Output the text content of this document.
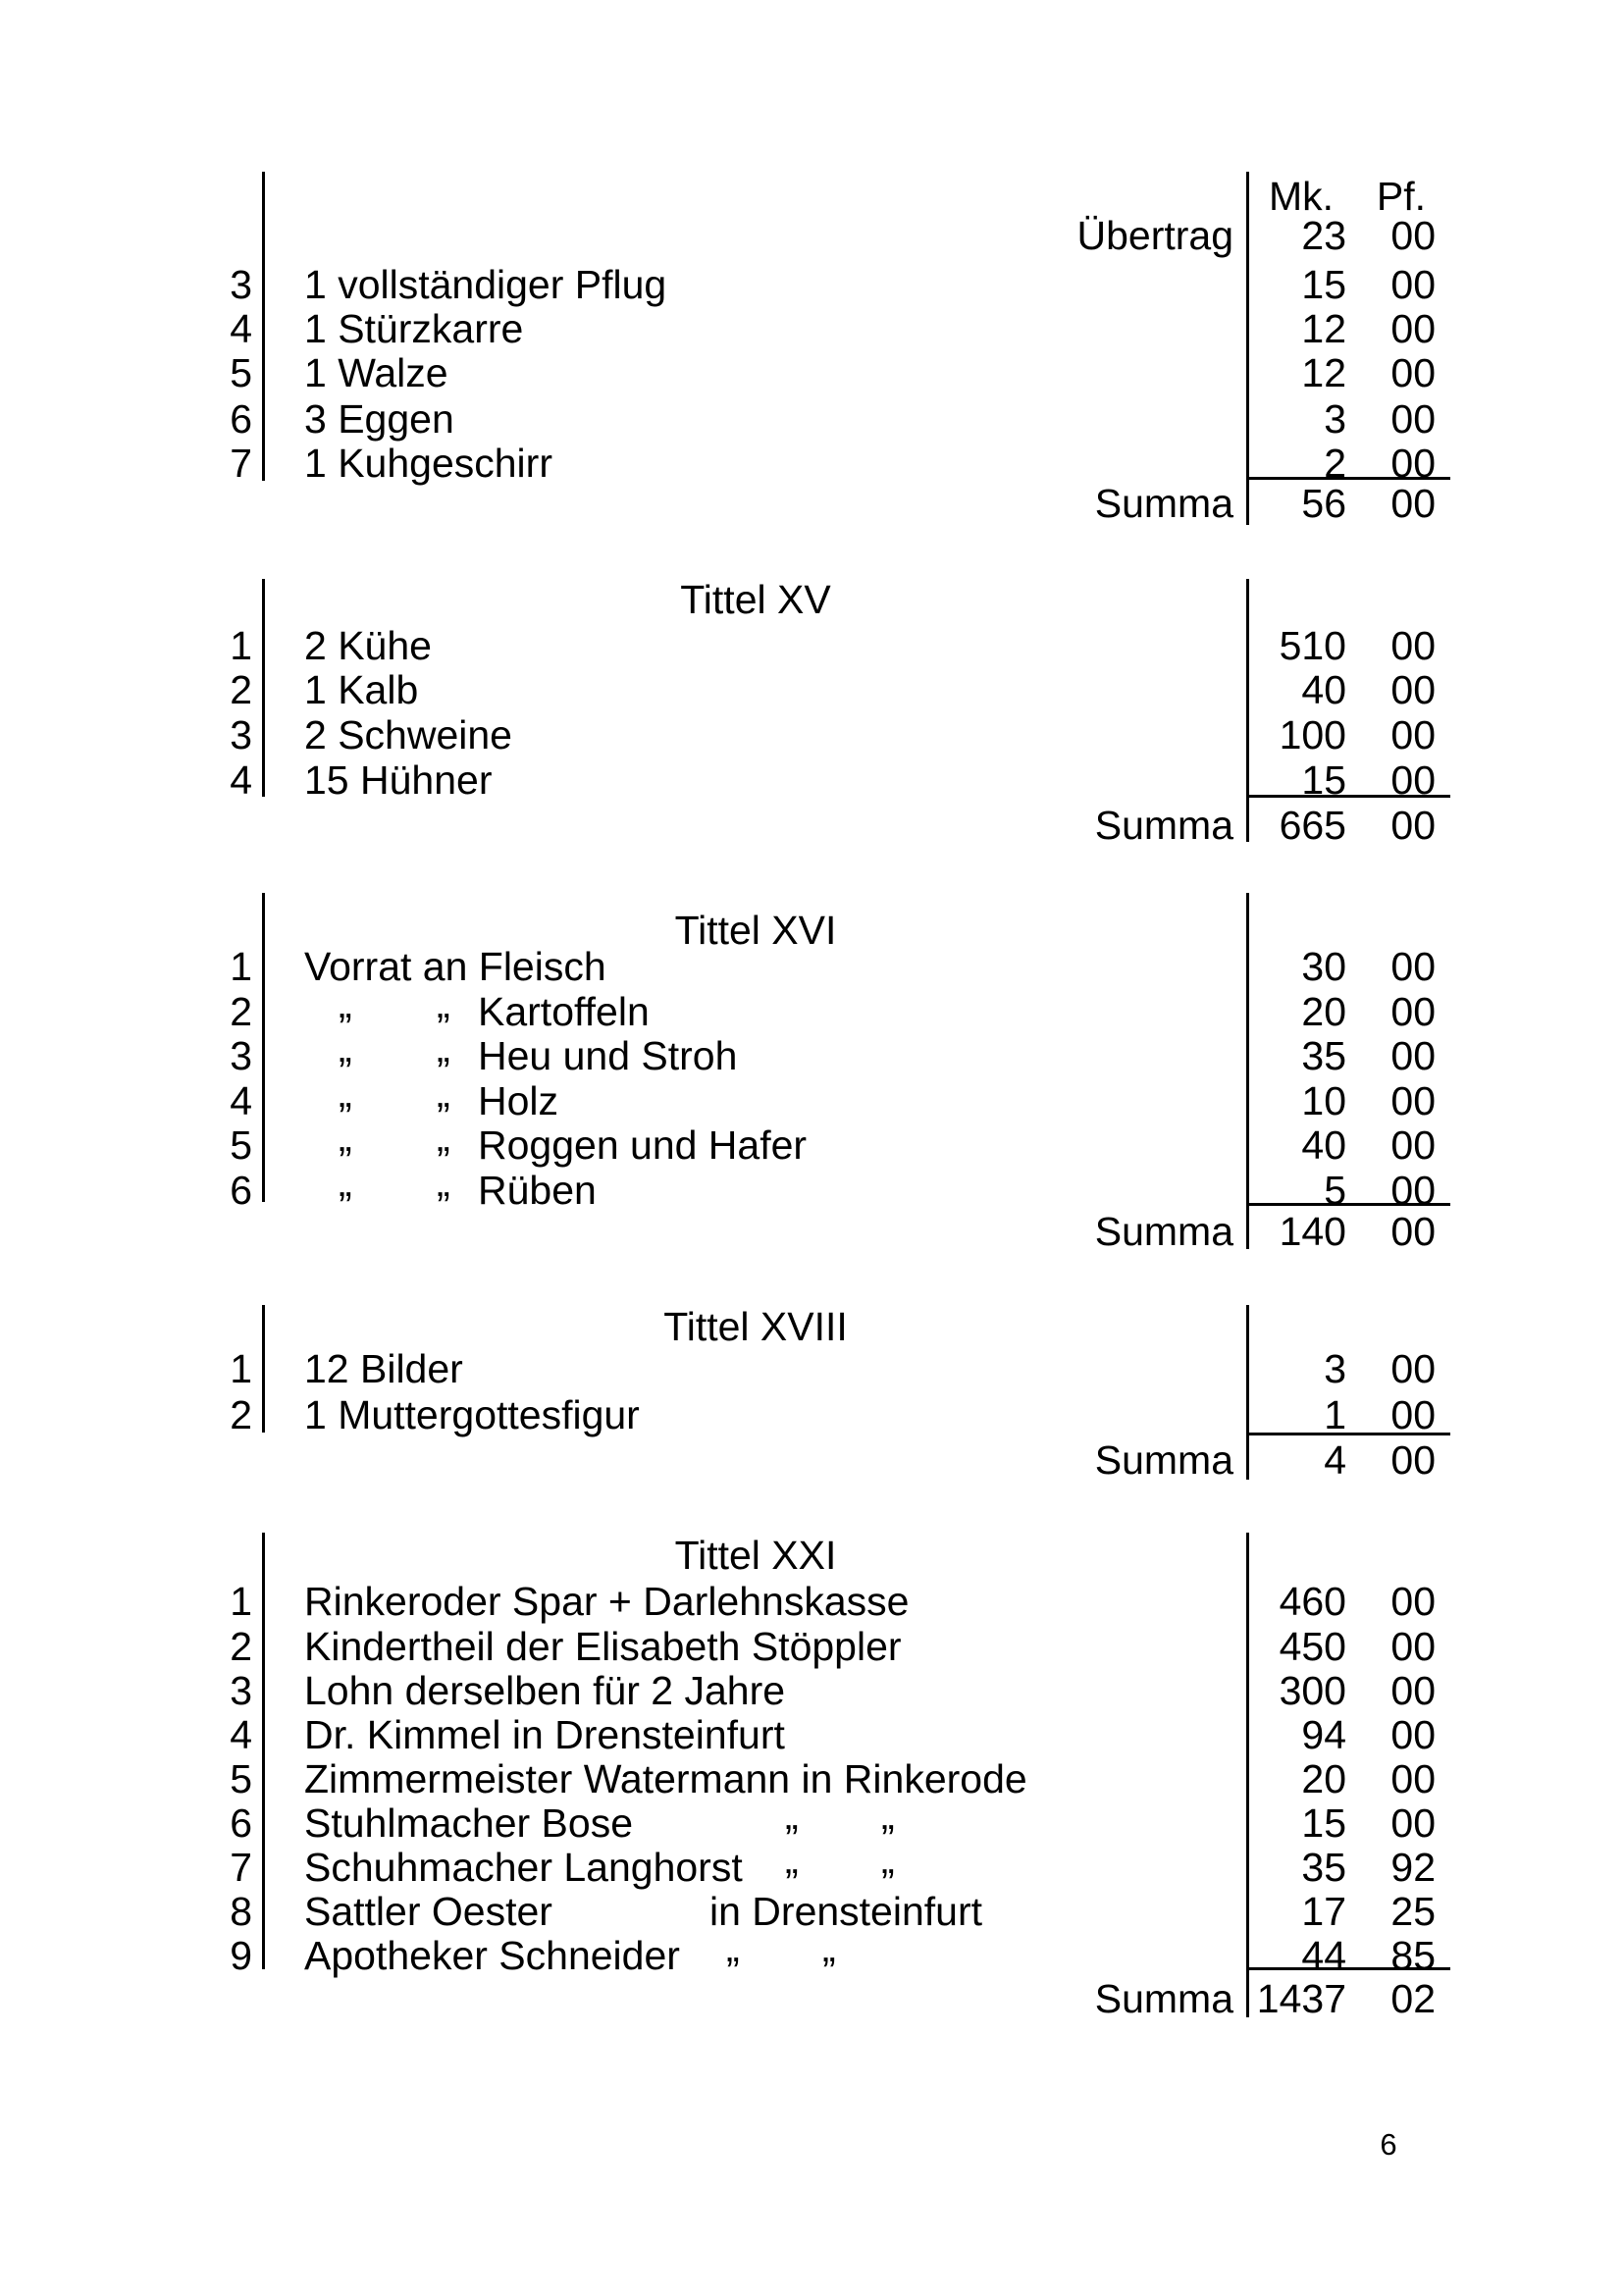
Mk.	Pf.
Übertrag	23	00
3 1 vollständiger Pflug	15	00
4 1 Stürzkarre	12	00
5 1 Walze	12	00
6 3 Eggen	3	00
7 1 Kuhgeschirr	2	00
Summa	56	00
Tittel XV
1 2 Kühe	510	00
2 1 Kalb	40	00
3 2 Schweine	100	00
4 15 Hühner	15	00
Summa	665	00
Tittel XVI
1 Vorrat an Fleisch	30	00
2 „ „ Kartoffeln	20	00
3 „ „ Heu und Stroh	35	00
4 „ „ Holz	10	00
5 „ „ Roggen und Hafer	40	00
6 „ „ Rüben	5	00
Summa	140	00
Tittel XVIII
1 12 Bilder	3	00
2 1 Muttergottesfigur	1	00
Summa	4	00
Tittel XXI
1 Rinkeroder Spar + Darlehnskasse	460	00
2 Kindertheil der Elisabeth Stöppler	450	00
3 Lohn derselben für 2 Jahre	300	00
4 Dr. Kimmel in Drensteinfurt	94	00
5 Zimmermeister Watermann in Rinkerode	20	00
6 Stuhlmacher Bose	„ „	15	00
7 Schuhmacher Langhorst „ „	35	92
8 Sattler Oester	in Drensteinfurt	17	25
9 Apotheker Schneider „ „	44	85
Summa 1437	02
6
